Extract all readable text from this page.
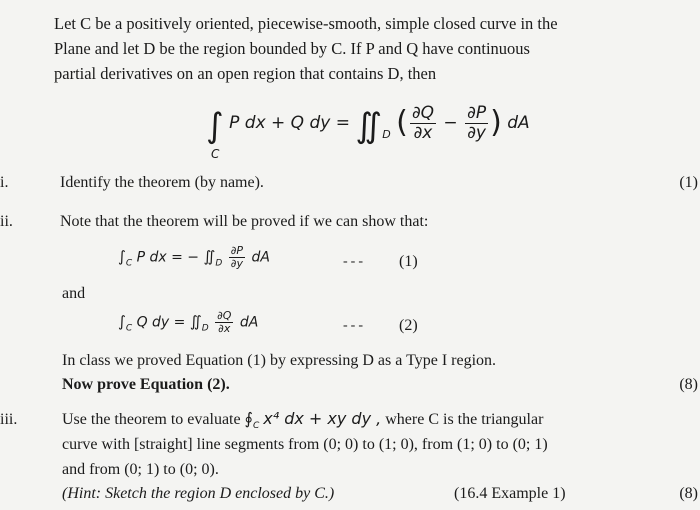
Let C be a positively oriented, piecewise-smooth, simple closed curve in the
Plane and let D be the region bounded by C. If P and Q have continuous
partial derivatives on an open region that contains D, then
∫ P dx + Q dy = $∬_D$ ( $\frac{\partial Q}{\partial x} - \frac{\partial P}{\partial y}$ ) dA
C
i.	Identify the theorem (by name).	(1)
ii.	Note that the theorem will be proved if we can show that:
$\int_C$ P dx = − $∬_D \frac{\partial P}{\partial y}$ dA	--- (1)
and
$\int_C$ Q dy = $∬_D \frac{\partial Q}{\partial x}$ dA	--- (2)
In class we proved Equation (1) by expressing D as a Type I region.
Now prove Equation (2).	(8)
iii.	Use the theorem to evaluate $∮_C$ x⁴ dx + xy dy , where C is the triangular
curve with [straight] line segments from (0; 0) to (1; 0), from (1; 0) to (0; 1)
and from (0; 1) to (0; 0).
(Hint: Sketch the region D enclosed by C.)	(16.4 Example 1)	(8)
